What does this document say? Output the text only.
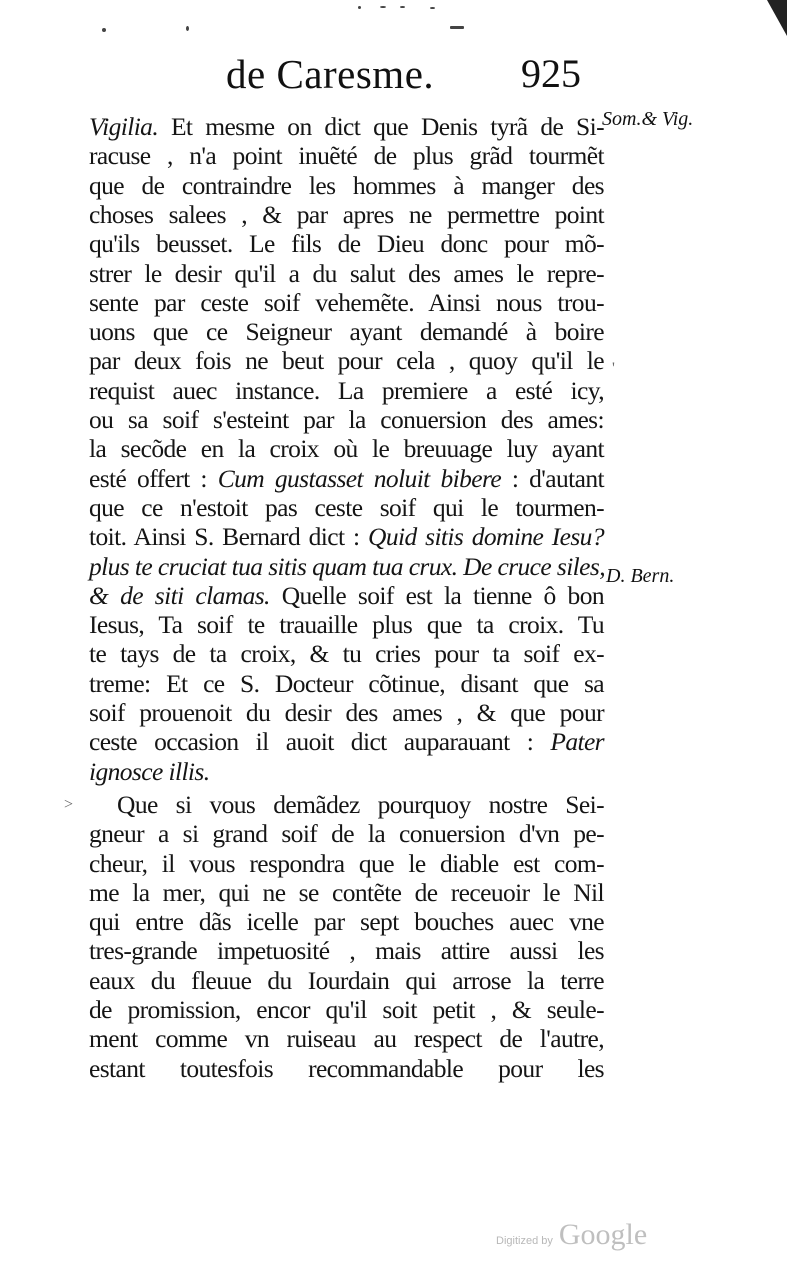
de Caresme. 925
Som.& Vig.
D. Bern.
'
>
Vigilia. Et mesme on dict que Denis tyrã de Si-
racuse , n'a point inuẽté de plus grãd tourmẽt
que de contraindre les hommes à manger des
choses salees , & par apres ne permettre point
qu'ils beusset. Le fils de Dieu donc pour mõ-
strer le desir qu'il a du salut des ames le repre-
sente par ceste soif vehemẽte. Ainsi nous trou-
uons que ce Seigneur ayant demandé à boire
par deux fois ne beut pour cela , quoy qu'il le
requist auec instance. La premiere a esté icy,
ou sa soif s'esteint par la conuersion des ames:
la secõde en la croix où le breuuage luy ayant
esté offert : Cum gustasset noluit bibere : d'autant
que ce n'estoit pas ceste soif qui le tourmen-
toit. Ainsi S. Bernard dict : Quid sitis domine Iesu?
plus te cruciat tua sitis quam tua crux. De cruce siles,
& de siti clamas. Quelle soif est la tienne ô bon
Iesus, Ta soif te trauaille plus que ta croix. Tu
te tays de ta croix, & tu cries pour ta soif ex-
treme: Et ce S. Docteur cõtinue, disant que sa
soif prouenoit du desir des ames , & que pour
ceste occasion il auoit dict auparauant : Pater
ignosce illis.
Que si vous demãdez pourquoy nostre Sei-
gneur a si grand soif de la conuersion d'vn pe-
cheur, il vous respondra que le diable est com-
me la mer, qui ne se contẽte de receuoir le Nil
qui entre dãs icelle par sept bouches auec vne
tres-grande impetuosité , mais attire aussi les
eaux du fleuue du Iourdain qui arrose la terre
de promission, encor qu'il soit petit , & seule-
ment comme vn ruiseau au respect de l'autre,
estant toutesfois recommandable pour les
Digitized by Google
